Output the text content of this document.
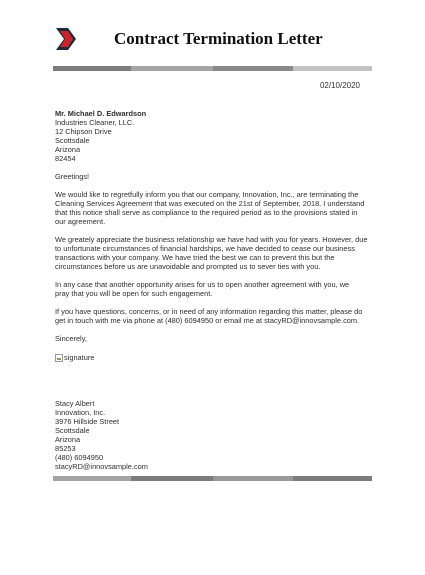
Contract Termination Letter
02/10/2020

Mr. Michael D. Edwardson
Industries Cleaner, LLC.
12 Chipson Drive
Scottsdale
Arizona
82454

Greetings!

We would like to regretfully inform you that our company, Innovation, Inc., are terminating the
Cleaning Services Agreement that was executed on the 21st of September, 2018. I understand
that this notice shall serve as compliance to the required period as to the provisions stated in
our agreement.

We greately appreciate the business relationship we have had with you for years. However, due
to unfortunate circumstances of financial hardships, we have decided to cease our business
transactions with your company. We have tried the best we can to prevent this but the
circumstances before us are unavoidable and prompted us to sever ties with you.

In any case that another opportunity arises for us to open another agreement with you, we
pray that you will be open for such engagement.

If you have questions, concerns, or in need of any information regarding this matter, please do
get in touch with me via phone at (480) 6094950 or email me at stacyRD@innovsample.com.

Sincerely,

signature

Stacy Albert
Innovation, Inc.
3976 Hillside Street
Scottsdale
Arizona
85253
(480) 6094950
stacyRD@innovsample.com
